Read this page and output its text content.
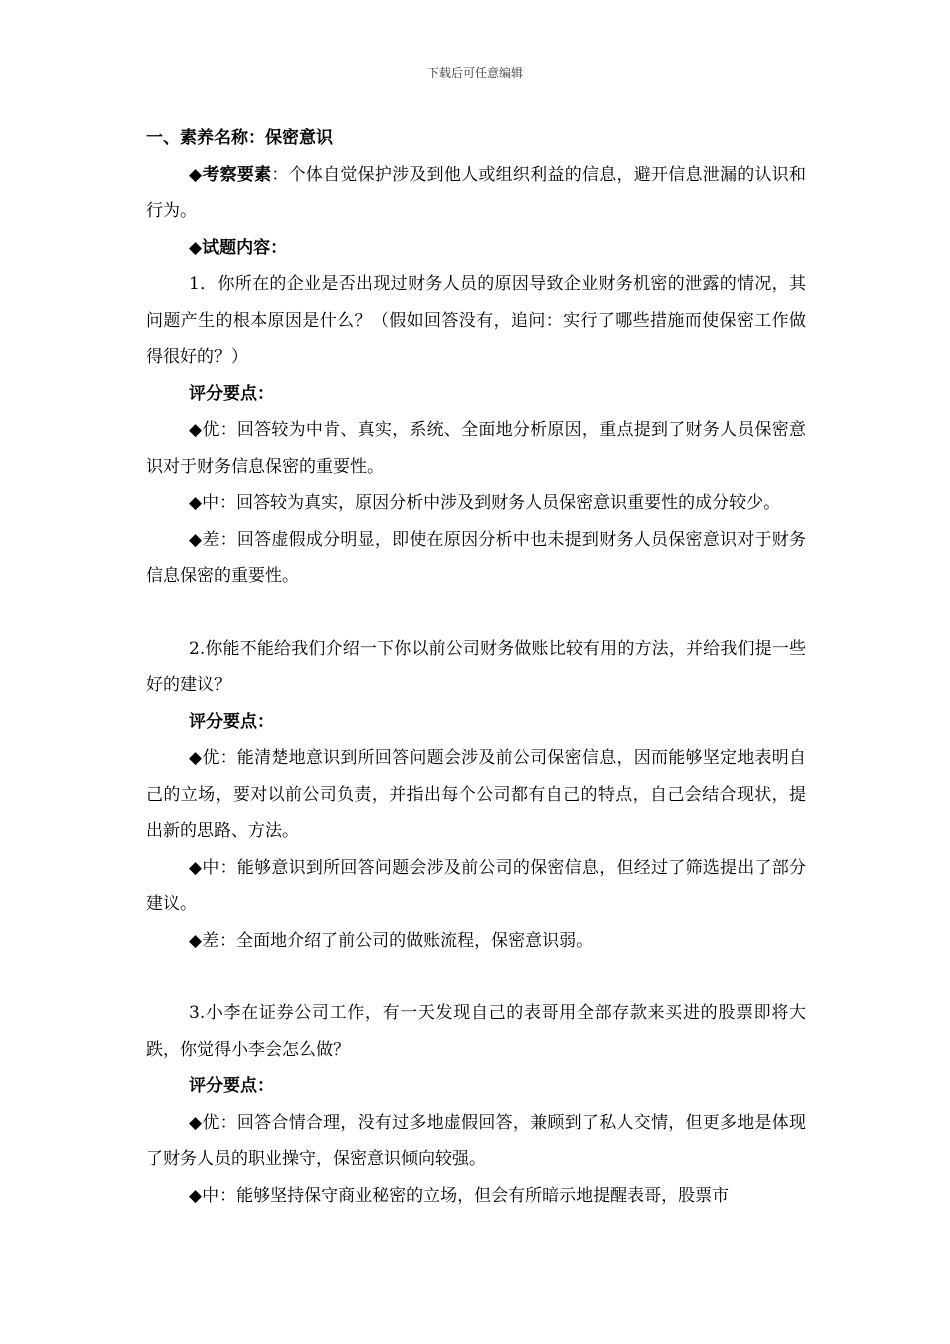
下载后可任意编辑

一、素养名称：保密意识

◆考察要素：个体自觉保护涉及到他人或组织利益的信息，避开信息泄漏的认识和行为。

◆试题内容：

1．你所在的企业是否出现过财务人员的原因导致企业财务机密的泄露的情况，其问题产生的根本原因是什么？（假如回答没有，追问：实行了哪些措施而使保密工作做得很好的？）

评分要点：

◆优：回答较为中肯、真实，系统、全面地分析原因，重点提到了财务人员保密意识对于财务信息保密的重要性。

◆中：回答较为真实，原因分析中涉及到财务人员保密意识重要性的成分较少。

◆差：回答虚假成分明显，即使在原因分析中也未提到财务人员保密意识对于财务信息保密的重要性。

2.你能不能给我们介绍一下你以前公司财务做账比较有用的方法，并给我们提一些好的建议？

评分要点：

◆优：能清楚地意识到所回答问题会涉及前公司保密信息，因而能够坚定地表明自己的立场，要对以前公司负责，并指出每个公司都有自己的特点，自己会结合现状，提出新的思路、方法。

◆中：能够意识到所回答问题会涉及前公司的保密信息，但经过了筛选提出了部分建议。

◆差：全面地介绍了前公司的做账流程，保密意识弱。

3.小李在证券公司工作，有一天发现自己的表哥用全部存款来买进的股票即将大跌，你觉得小李会怎么做？

评分要点：

◆优：回答合情合理，没有过多地虚假回答，兼顾到了私人交情，但更多地是体现了财务人员的职业操守，保密意识倾向较强。

◆中：能够坚持保守商业秘密的立场，但会有所暗示地提醒表哥，股票市
